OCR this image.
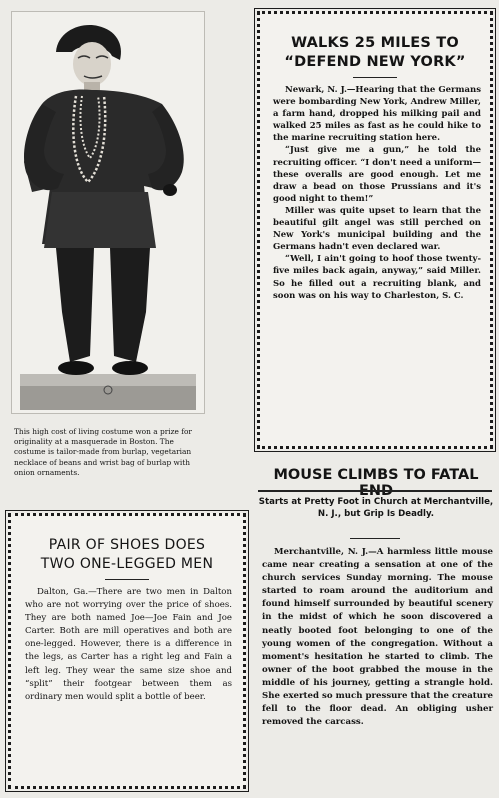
This high cost of living costume won a prize for originality at a masquerade in Boston. The costume is tailor-made from burlap, vegetarian necklace of beans and wrist bag of burlap with onion ornaments.
WALKS 25 MILES TO
“DEFEND NEW YORK”

Newark, N. J.—Hearing that the Germans were bombarding New York, Andrew Miller, a farm hand, dropped his milking pail and walked 25 miles as fast as he could hike to the marine recruiting station here.

“Just give me a gun,” he told the recruiting officer. “I don't need a uniform—these overalls are good enough. Let me draw a bead on those Prussians and it's good night to them!”

Miller was quite upset to learn that the beautiful gilt angel was still perched on New York's municipal building and the Germans hadn't even declared war.

“Well, I ain't going to hoof those twenty-five miles back again, anyway,” said Miller. So he filled out a recruiting blank, and soon was on his way to Charleston, S. C.

MOUSE CLIMBS TO FATAL END
Starts at Pretty Foot in Church at Merchantville, N. J., but Grip Is Deadly.

Merchantville, N. J.—A harmless little mouse came near creating a sensation at one of the church services Sunday morning. The mouse started to roam around the auditorium and found himself surrounded by beautiful scenery in the midst of which he soon discovered a neatly booted foot belonging to one of the young women of the congregation. Without a moment's hesitation he started to climb. The owner of the boot grabbed the mouse in the middle of his journey, getting a strangle hold. She exerted so much pressure that the creature fell to the floor dead. An obliging usher removed the carcass.

PAIR OF SHOES DOES
TWO ONE-LEGGED MEN

Dalton, Ga.—There are two men in Dalton who are not worrying over the price of shoes. They are both named Joe—Joe Fain and Joe Carter. Both are mill operatives and both are one-legged. However, there is a difference in the legs, as Carter has a right leg and Fain a left leg. They wear the same size shoe and “split” their footgear between them as ordinary men would split a bottle of beer.
